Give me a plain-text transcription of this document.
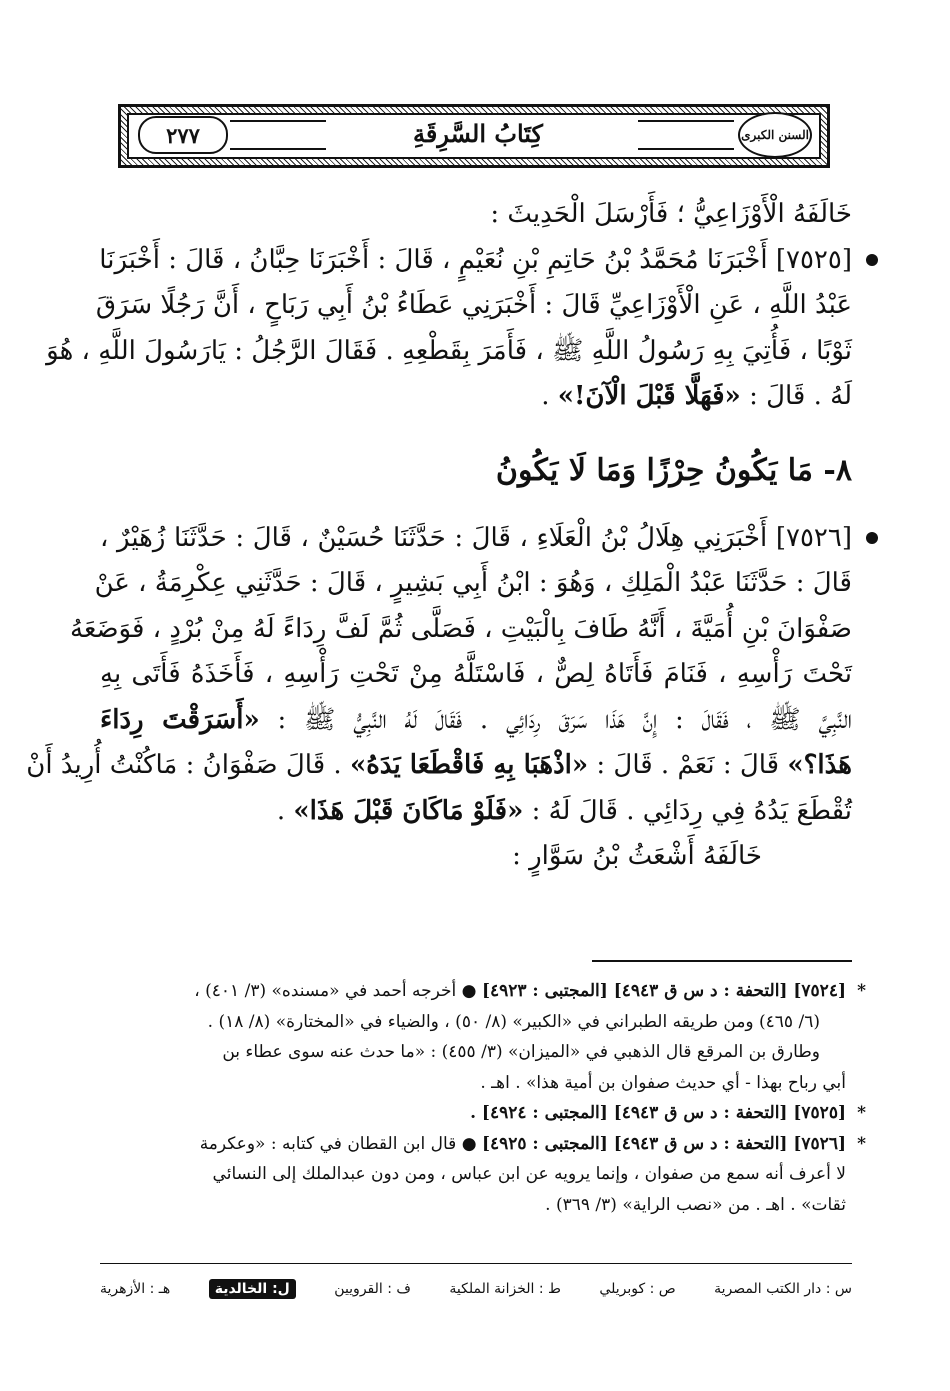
السنن الكبرى
كِتَابُ السَّرِقَةِ
٢٧٧

خَالَفَهُ الْأَوْزَاعِيُّ ؛ فَأَرْسَلَ الْحَدِيثَ :

[٧٥٢٥] أَخْبَرَنَا مُحَمَّدُ بْنُ حَاتِمِ بْنِ نُعَيْمٍ ، قَالَ : أَخْبَرَنَا حِبَّانُ ، قَالَ : أَخْبَرَنَا
عَبْدُ اللَّهِ ، عَنِ الْأَوْزَاعِيِّ قَالَ : أَخْبَرَنِي عَطَاءُ بْنُ أَبِي رَبَاحٍ ، أَنَّ رَجُلًا سَرَقَ
ثَوْبًا ، فَأُتِيَ بِهِ رَسُولُ اللَّهِ ﷺ ، فَأَمَرَ بِقَطْعِهِ . فَقَالَ الرَّجُلُ : يَارَسُولَ اللَّهِ ، هُوَ
لَهُ . قَالَ : «فَهَلَّا قَبْلَ الْآنَ!» .
٨- مَا يَكُونُ حِرْزًا وَمَا لَا يَكُونُ
[٧٥٢٦] أَخْبَرَنِي هِلَالُ بْنُ الْعَلَاءِ ، قَالَ : حَدَّثَنَا حُسَيْنٌ ، قَالَ : حَدَّثَنَا زُهَيْرٌ ،
قَالَ : حَدَّثَنَا عَبْدُ الْمَلِكِ ، وَهُوَ : ابْنُ أَبِي بَشِيرٍ ، قَالَ : حَدَّثَنِي عِكْرِمَةُ ، عَنْ
صَفْوَانَ بْنِ أُمَيَّةَ ، أَنَّهُ طَافَ بِالْبَيْتِ ، فَصَلَّى ثُمَّ لَفَّ رِدَاءً لَهُ مِنْ بُرْدٍ ، فَوَضَعَهُ
تَحْتَ رَأْسِهِ ، فَنَامَ فَأَتَاهُ لِصٌّ ، فَاسْتَلَّهُ مِنْ تَحْتِ رَأْسِهِ ، فَأَخَذَهُ فَأَتَى بِهِ
النَّبِيَّ ﷺ ، فَقَالَ : إِنَّ هَذَا سَرَقَ رِدَائِي . فَقَالَ لَهُ النَّبِيُّ ﷺ : «أَسَرَقْتَ رِدَاءَ
هَذَا؟» قَالَ : نَعَمْ . قَالَ : «اذْهَبَا بِهِ فَاقْطَعَا يَدَهُ» . قَالَ صَفْوَانُ : مَاكُنْتُ أُرِيدُ أَنْ
تُقْطَعَ يَدُهُ فِي رِدَائِي . قَالَ لَهُ : «فَلَوْ مَاكَانَ قَبْلَ هَذَا» .

خَالَفَهُ أَشْعَثُ بْنُ سَوَّارٍ :

*
[٧٥٢٤] [التحفة : د س ق ٤٩٤٣] [المجتبى : ٤٩٢٣] ● أخرجه أحمد في «مسنده» (٣/ ٤٠١) ،
(٦/ ٤٦٥) ومن طريقه الطبراني في «الكبير» (٨/ ٥٠) ، والضياء في «المختارة» (٨/ ١٨) .
وطارق بن المرقع قال الذهبي في «الميزان» (٣/ ٤٥٥) : «ما حدث عنه سوى عطاء بن
أبي رباح بهذا - أي حديث صفوان بن أمية هذا» . اهـ .
*
[٧٥٢٥] [التحفة : د س ق ٤٩٤٣] [المجتبى : ٤٩٢٤] .
*
[٧٥٢٦] [التحفة : د س ق ٤٩٤٣] [المجتبى : ٤٩٢٥] ● قال ابن القطان في كتابه : «وعكرمة
لا أعرف أنه سمع من صفوان ، وإنما يرويه عن ابن عباس ، ومن دون عبدالملك إلى النسائي
ثقات» . اهـ . من «نصب الراية» (٣/ ٣٦٩) .
س : دار الكتب المصرية
ص : كوبريلي
ط : الخزانة الملكية
ف : القرويين
ل: الخالدية
هـ : الأزهرية
